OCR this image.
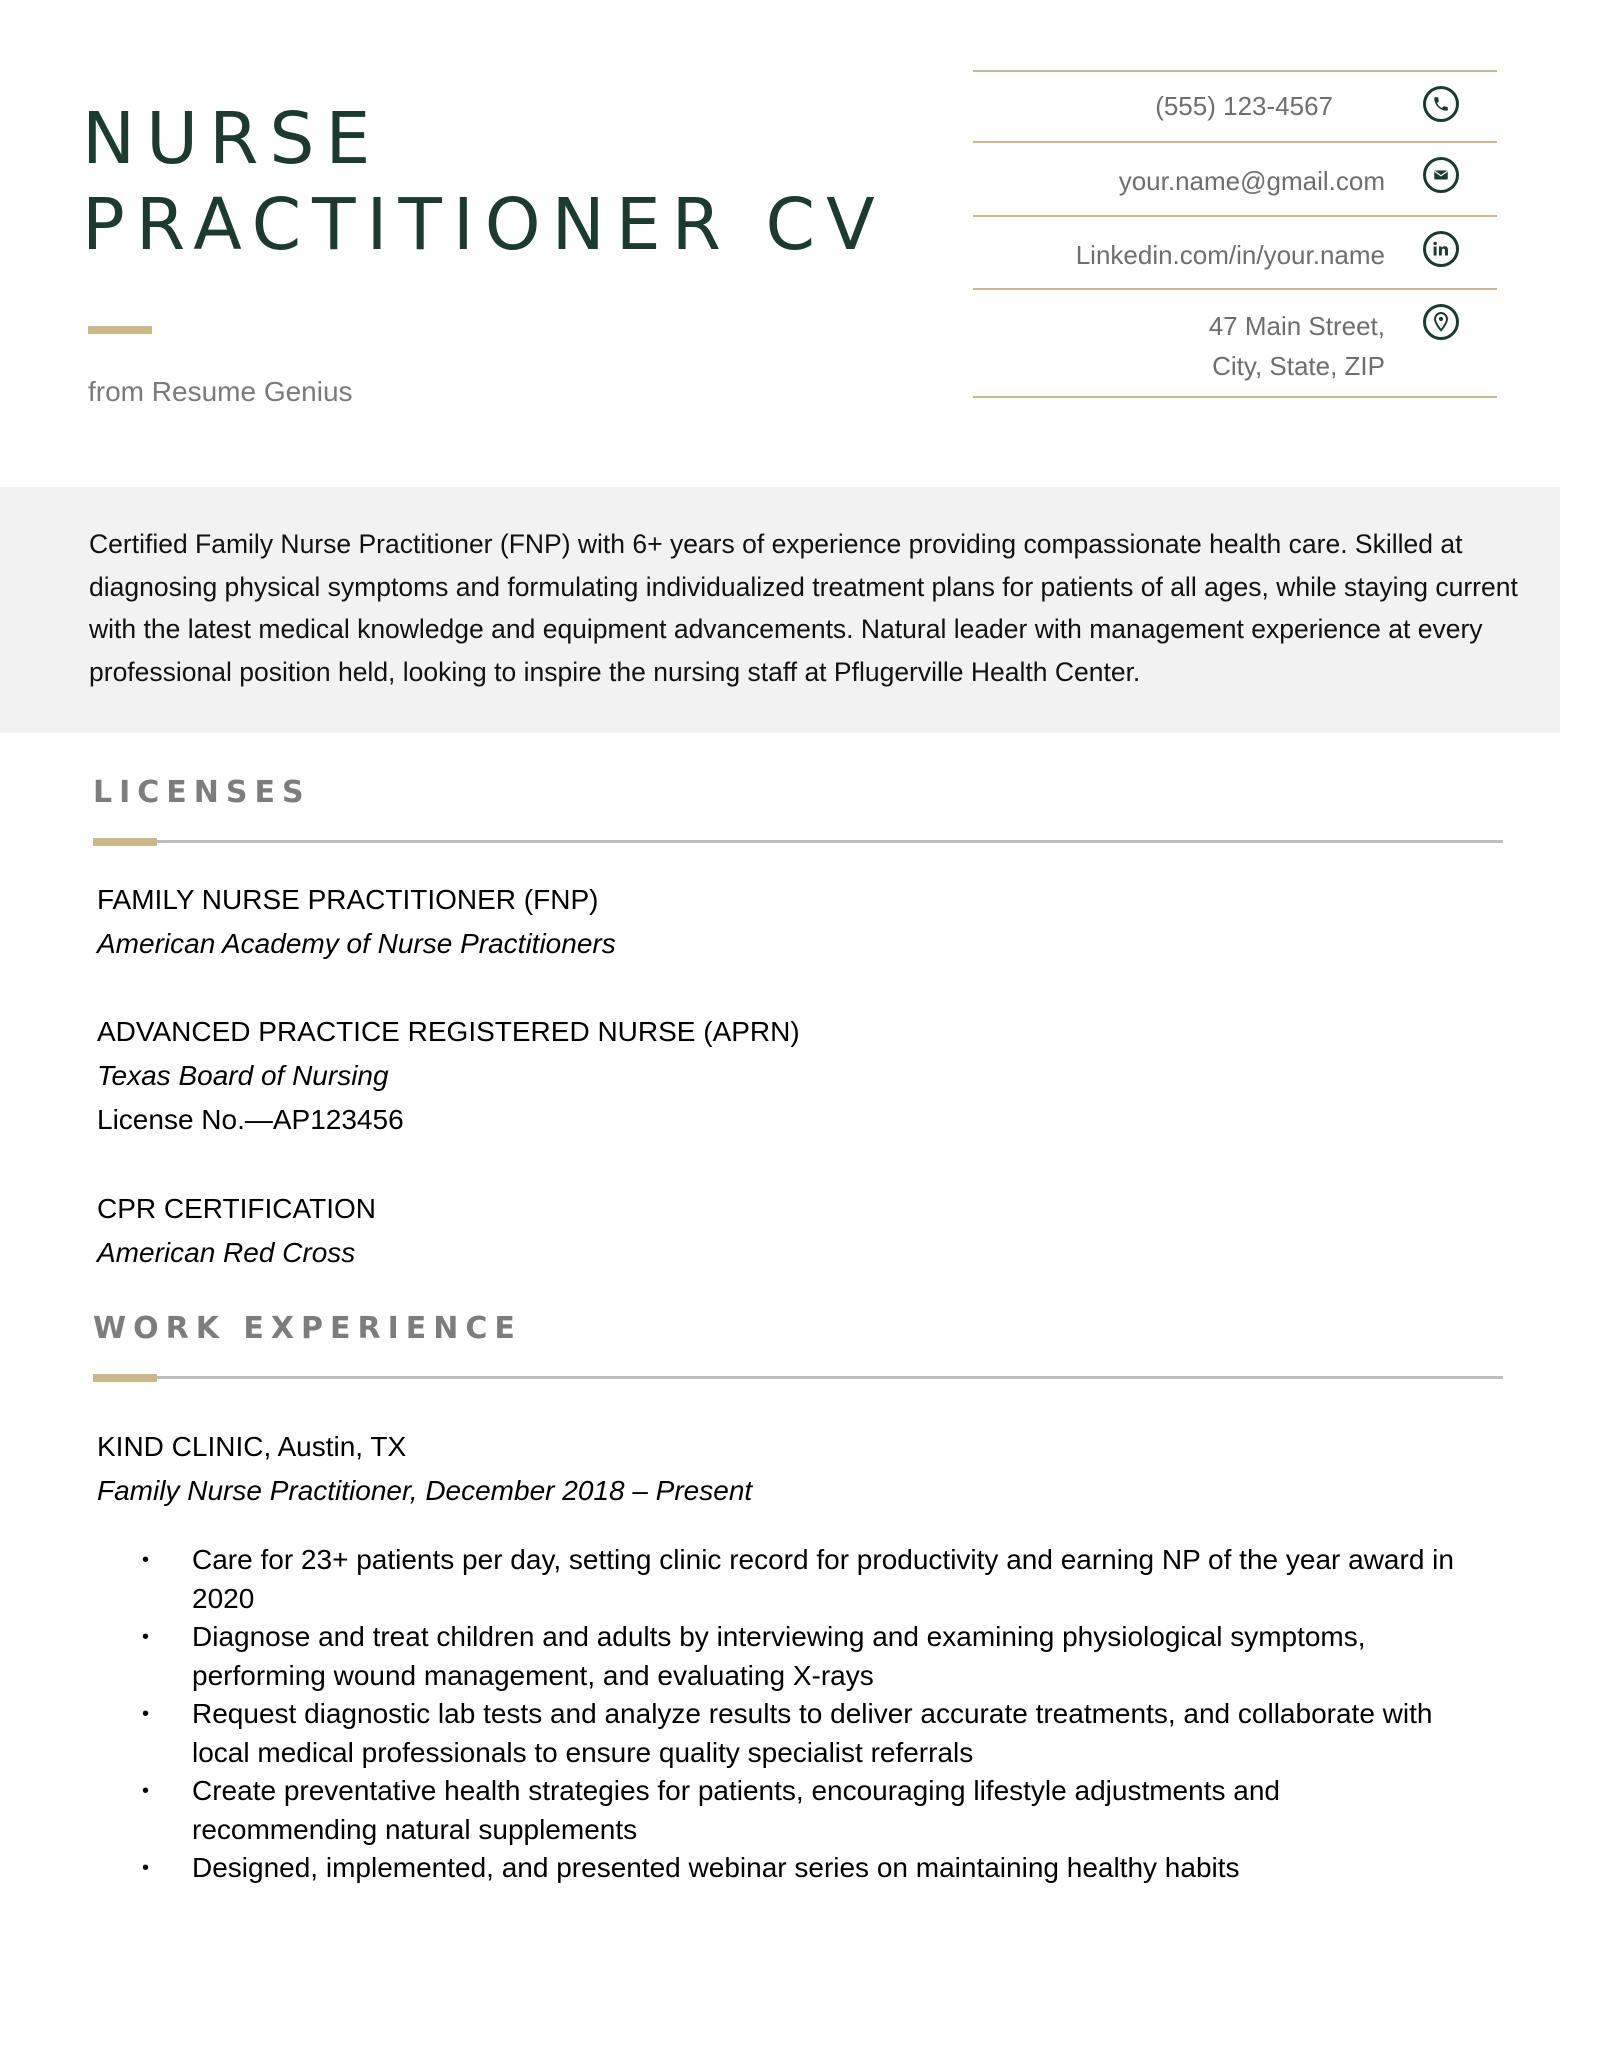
NURSE
PRACTITIONER CV
from Resume Genius
(555) 123-4567
your.name@gmail.com
Linkedin.com/in/your.name
47 Main Street,
City, State, ZIP

Certified Family Nurse Practitioner (FNP) with 6+ years of experience providing compassionate health care. Skilled at diagnosing physical symptoms and formulating individualized treatment plans for patients of all ages, while staying current with the latest medical knowledge and equipment advancements. Natural leader with management experience at every professional position held, looking to inspire the nursing staff at Pflugerville Health Center.

LICENSES
FAMILY NURSE PRACTITIONER (FNP)
American Academy of Nurse Practitioners
ADVANCED PRACTICE REGISTERED NURSE (APRN)
Texas Board of Nursing
License No.—AP123456
CPR CERTIFICATION
American Red Cross
WORK EXPERIENCE
KIND CLINIC, Austin, TX
Family Nurse Practitioner, December 2018 – Present
• Care for 23+ patients per day, setting clinic record for productivity and earning NP of the year award in 2020
• Diagnose and treat children and adults by interviewing and examining physiological symptoms, performing wound management, and evaluating X-rays
• Request diagnostic lab tests and analyze results to deliver accurate treatments, and collaborate with local medical professionals to ensure quality specialist referrals
• Create preventative health strategies for patients, encouraging lifestyle adjustments and recommending natural supplements
• Designed, implemented, and presented webinar series on maintaining healthy habits
